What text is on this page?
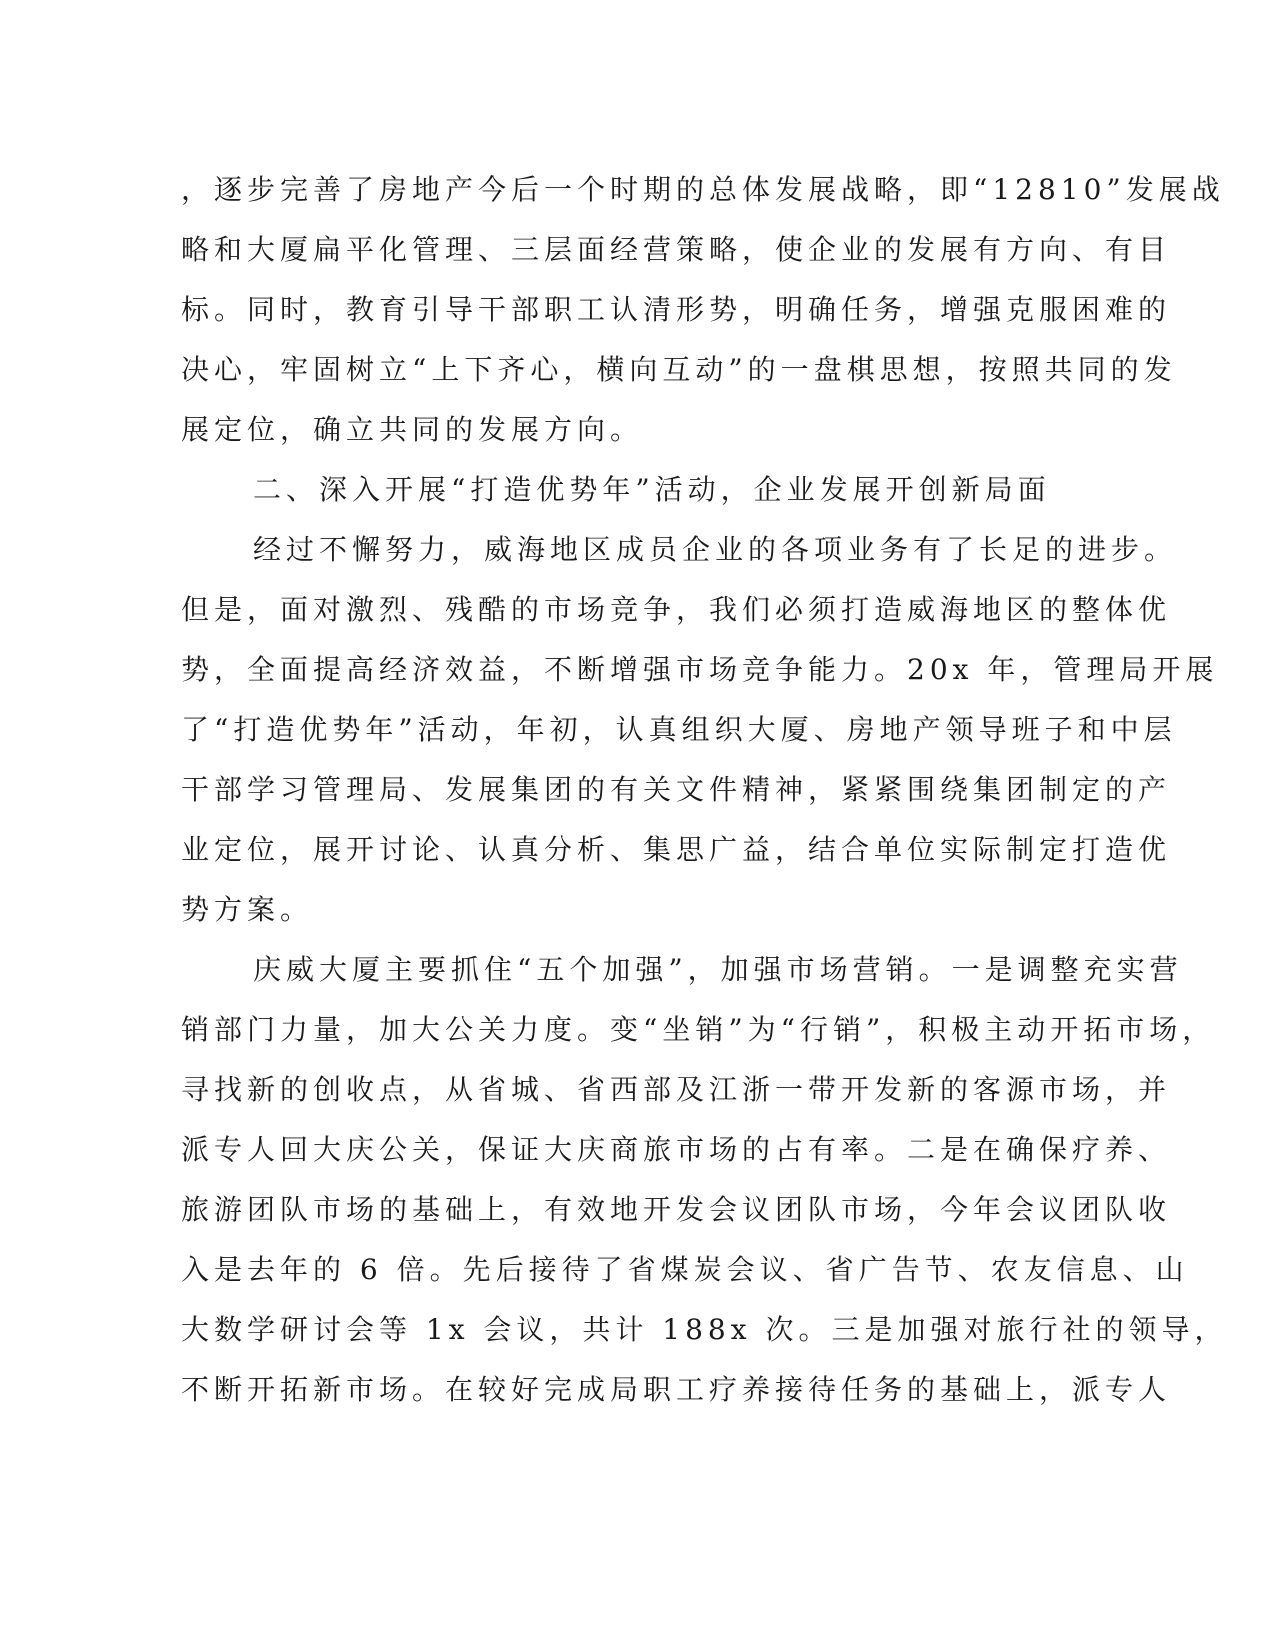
，逐步完善了房地产今后一个时期的总体发展战略，即“12810”发展战
略和大厦扁平化管理、三层面经营策略，使企业的发展有方向、有目
标。同时，教育引导干部职工认清形势，明确任务，增强克服困难的
决心，牢固树立“上下齐心，横向互动”的一盘棋思想，按照共同的发
展定位，确立共同的发展方向。
二、深入开展“打造优势年”活动，企业发展开创新局面
经过不懈努力，威海地区成员企业的各项业务有了长足的进步。
但是，面对激烈、残酷的市场竞争，我们必须打造威海地区的整体优
势，全面提高经济效益，不断增强市场竞争能力。20x 年，管理局开展
了“打造优势年”活动，年初，认真组织大厦、房地产领导班子和中层
干部学习管理局、发展集团的有关文件精神，紧紧围绕集团制定的产
业定位，展开讨论、认真分析、集思广益，结合单位实际制定打造优
势方案。
庆威大厦主要抓住“五个加强”，加强市场营销。一是调整充实营
销部门力量，加大公关力度。变“坐销”为“行销”，积极主动开拓市场，
寻找新的创收点，从省城、省西部及江浙一带开发新的客源市场，并
派专人回大庆公关，保证大庆商旅市场的占有率。二是在确保疗养、
旅游团队市场的基础上，有效地开发会议团队市场，今年会议团队收
入是去年的 6 倍。先后接待了省煤炭会议、省广告节、农友信息、山
大数学研讨会等 1x 会议，共计 188x 次。三是加强对旅行社的领导，
不断开拓新市场。在较好完成局职工疗养接待任务的基础上，派专人
